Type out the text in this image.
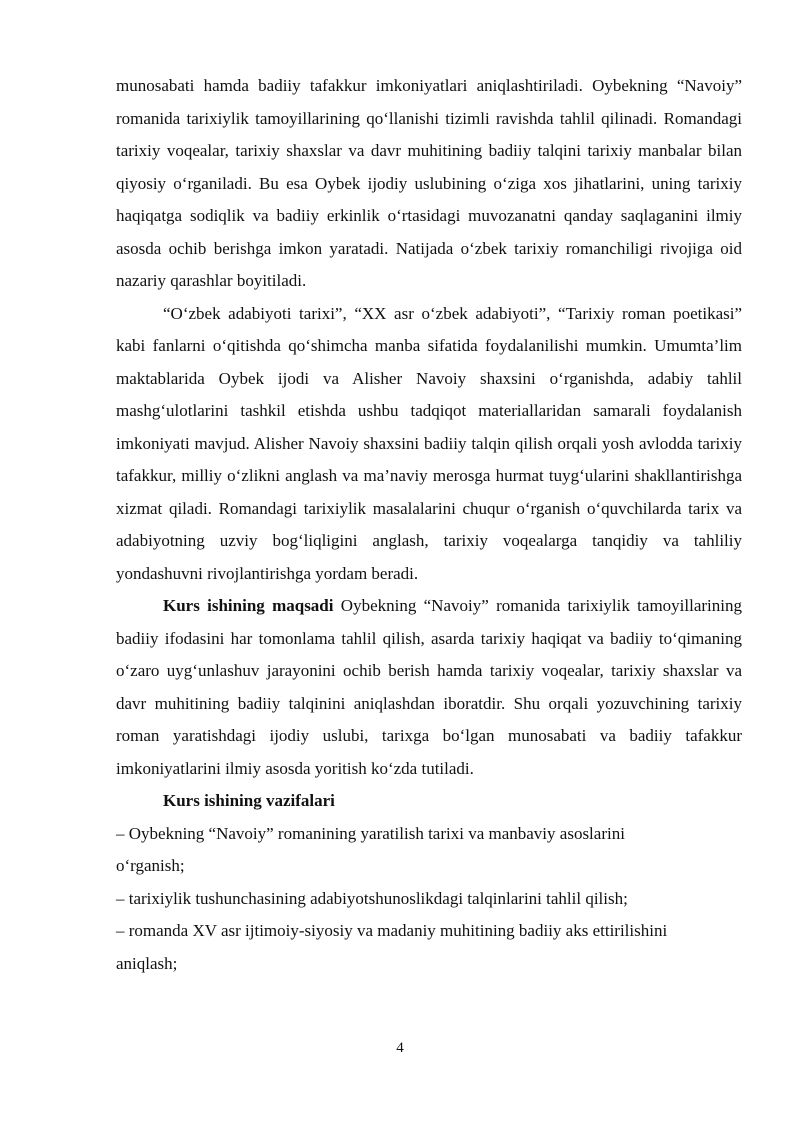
munosabati hamda badiiy tafakkur imkoniyatlari aniqlashtiriladi. Oybekning “Navoiy” romanida tarixiylik tamoyillarining qo‘llanishi tizimli ravishda tahlil qilinadi. Romandagi tarixiy voqealar, tarixiy shaxslar va davr muhitining badiiy talqini tarixiy manbalar bilan qiyosiy o‘rganiladi. Bu esa Oybek ijodiy uslubining o‘ziga xos jihatlarini, uning tarixiy haqiqatga sodiqlik va badiiy erkinlik o‘rtasidagi muvozanatni qanday saqlaganini ilmiy asosda ochib berishga imkon yaratadi. Natijada o‘zbek tarixiy romanchiligi rivojiga oid nazariy qarashlar boyitiladi.

“O‘zbek adabiyoti tarixi”, “XX asr o‘zbek adabiyoti”, “Tarixiy roman poetikasi” kabi fanlarni o‘qitishda qo‘shimcha manba sifatida foydalanilishi mumkin. Umumta’lim maktablarida Oybek ijodi va Alisher Navoiy shaxsini o‘rganishda, adabiy tahlil mashg‘ulotlarini tashkil etishda ushbu tadqiqot materiallaridan samarali foydalanish imkoniyati mavjud. Alisher Navoiy shaxsini badiiy talqin qilish orqali yosh avlodda tarixiy tafakkur, milliy o‘zlikni anglash va ma’naviy merosga hurmat tuyg‘ularini shakllantirishga xizmat qiladi. Romandagi tarixiylik masalalarini chuqur o‘rganish o‘quvchilarda tarix va adabiyotning uzviy bog‘liqligini anglash, tarixiy voqealarga tanqidiy va tahliliy yondashuvni rivojlantirishga yordam beradi.

Kurs ishining maqsadi Oybekning “Navoiy” romanida tarixiylik tamoyillarining badiiy ifodasini har tomonlama tahlil qilish, asarda tarixiy haqiqat va badiiy to‘qimaning o‘zaro uyg‘unlashuv jarayonini ochib berish hamda tarixiy voqealar, tarixiy shaxslar va davr muhitining badiiy talqinini aniqlashdan iboratdir. Shu orqali yozuvchining tarixiy roman yaratishdagi ijodiy uslubi, tarixga bo‘lgan munosabati va badiiy tafakkur imkoniyatlarini ilmiy asosda yoritish ko‘zda tutiladi.

Kurs ishining vazifalari

– Oybekning “Navoiy” romanining yaratilish tarixi va manbaviy asoslarini o‘rganish;

– tarixiylik tushunchasining adabiyotshunoslikdagi talqinlarini tahlil qilish;

– romanda XV asr ijtimoiy-siyosiy va madaniy muhitining badiiy aks ettirilishini aniqlash;

4
